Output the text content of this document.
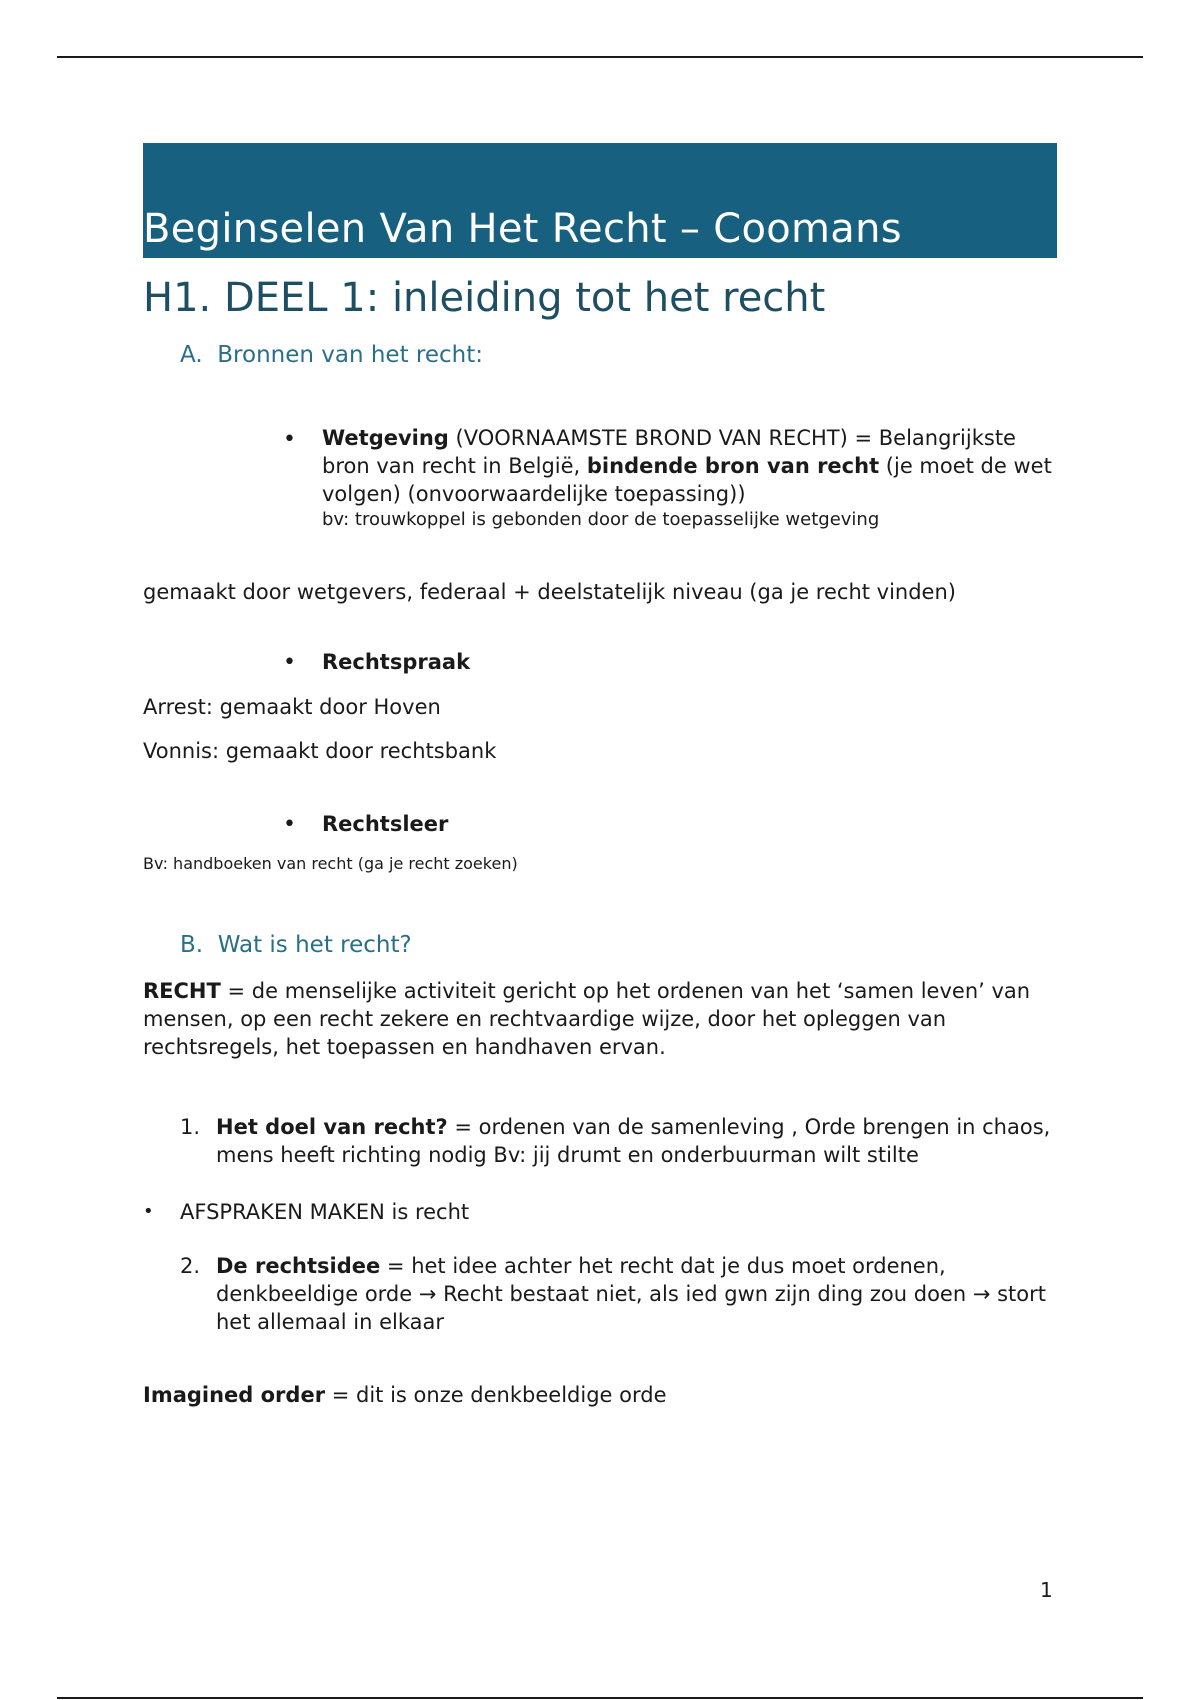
Beginselen Van Het Recht – Coomans
H1. DEEL 1: inleiding tot het recht
A. Bronnen van het recht:
• Wetgeving (VOORNAAMSTE BROND VAN RECHT) = Belangrijkste bron van recht in België, bindende bron van recht (je moet de wet volgen) (onvoorwaardelijke toepassing))
bv: trouwkoppel is gebonden door de toepasselijke wetgeving
gemaakt door wetgevers, federaal + deelstatelijk niveau (ga je recht vinden)
• Rechtspraak
Arrest: gemaakt door Hoven
Vonnis: gemaakt door rechtsbank
• Rechtsleer
Bv: handboeken van recht (ga je recht zoeken)
B. Wat is het recht?
RECHT = de menselijke activiteit gericht op het ordenen van het ‘samen leven’ van mensen, op een recht zekere en rechtvaardige wijze, door het opleggen van rechtsregels, het toepassen en handhaven ervan.
1. Het doel van recht? = ordenen van de samenleving , Orde brengen in chaos, mens heeft richting nodig Bv: jij drumt en onderbuurman wilt stilte
• AFSPRAKEN MAKEN is recht
2. De rechtsidee = het idee achter het recht dat je dus moet ordenen, denkbeeldige orde → Recht bestaat niet, als ied gwn zijn ding zou doen → stort het allemaal in elkaar
Imagined order = dit is onze denkbeeldige orde
1
